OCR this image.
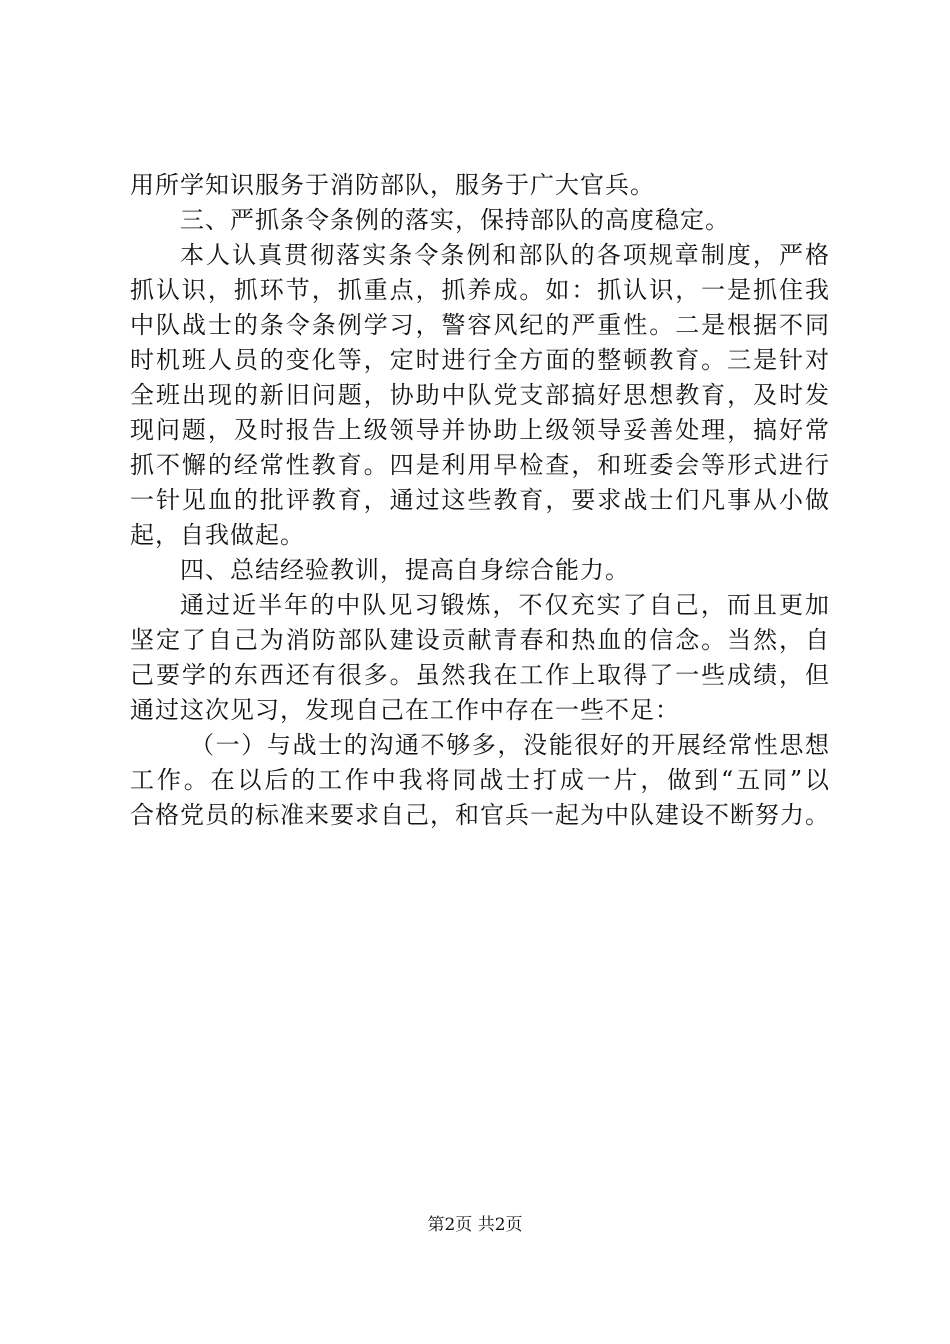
用所学知识服务于消防部队，服务于广大官兵。
三、严抓条令条例的落实，保持部队的高度稳定。
本人认真贯彻落实条令条例和部队的各项规章制度，严格
抓认识，抓环节，抓重点，抓养成。如：抓认识，一是抓住我
中队战士的条令条例学习，警容风纪的严重性。二是根据不同
时机班人员的变化等，定时进行全方面的整顿教育。三是针对
全班出现的新旧问题，协助中队党支部搞好思想教育，及时发
现问题，及时报告上级领导并协助上级领导妥善处理，搞好常
抓不懈的经常性教育。四是利用早检查，和班委会等形式进行
一针见血的批评教育，通过这些教育，要求战士们凡事从小做
起，自我做起。
四、总结经验教训，提高自身综合能力。
通过近半年的中队见习锻炼，不仅充实了自己，而且更加
坚定了自己为消防部队建设贡献青春和热血的信念。当然，自
己要学的东西还有很多。虽然我在工作上取得了一些成绩，但
通过这次见习，发现自己在工作中存在一些不足：
（一）与战士的沟通不够多，没能很好的开展经常性思想
工作。在以后的工作中我将同战士打成一片，做到“五同”以
合格党员的标准来要求自己，和官兵一起为中队建设不断努力。
第2页 共2页
